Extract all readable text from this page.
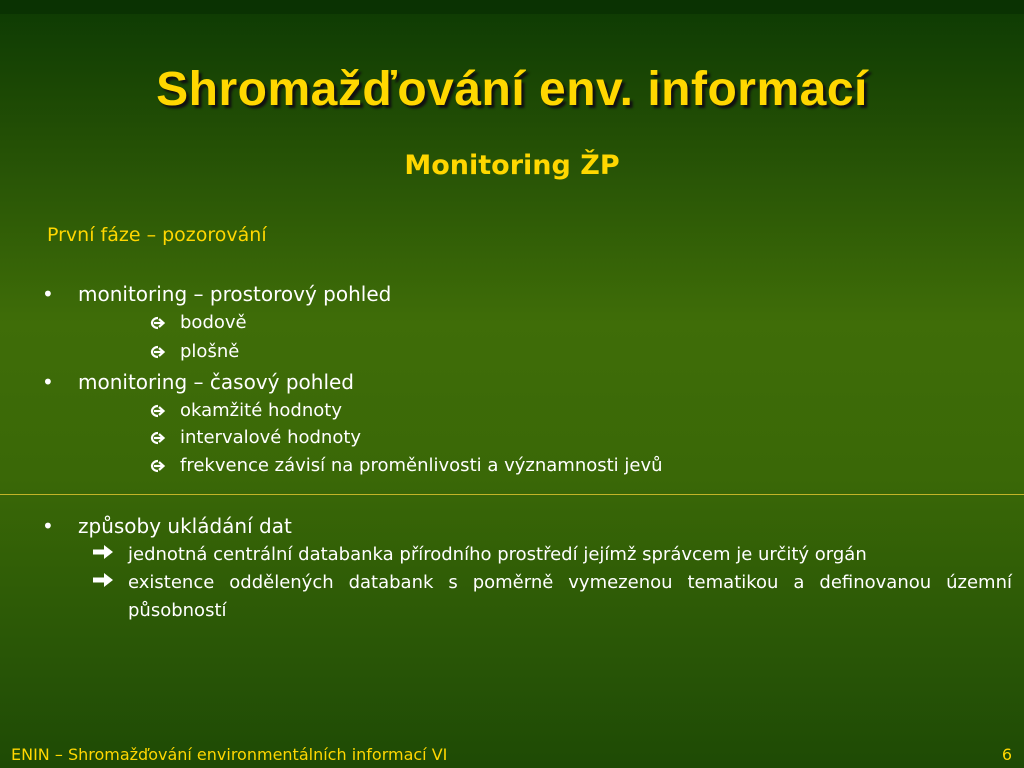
Shromažďování env. informací
Monitoring ŽP
První fáze – pozorování
•	monitoring – prostorový pohled
bodově
plošně
•	monitoring – časový pohled
okamžité hodnoty
intervalové hodnoty
frekvence závisí na proměnlivosti a významnosti jevů
•	způsoby ukládání dat
jednotná centrální databanka přírodního prostředí jejímž správcem je určitý orgán
existence oddělených databank s poměrně vymezenou tematikou a definovanou územní působností
ENIN – Shromažďování environmentálních informací VI	6
